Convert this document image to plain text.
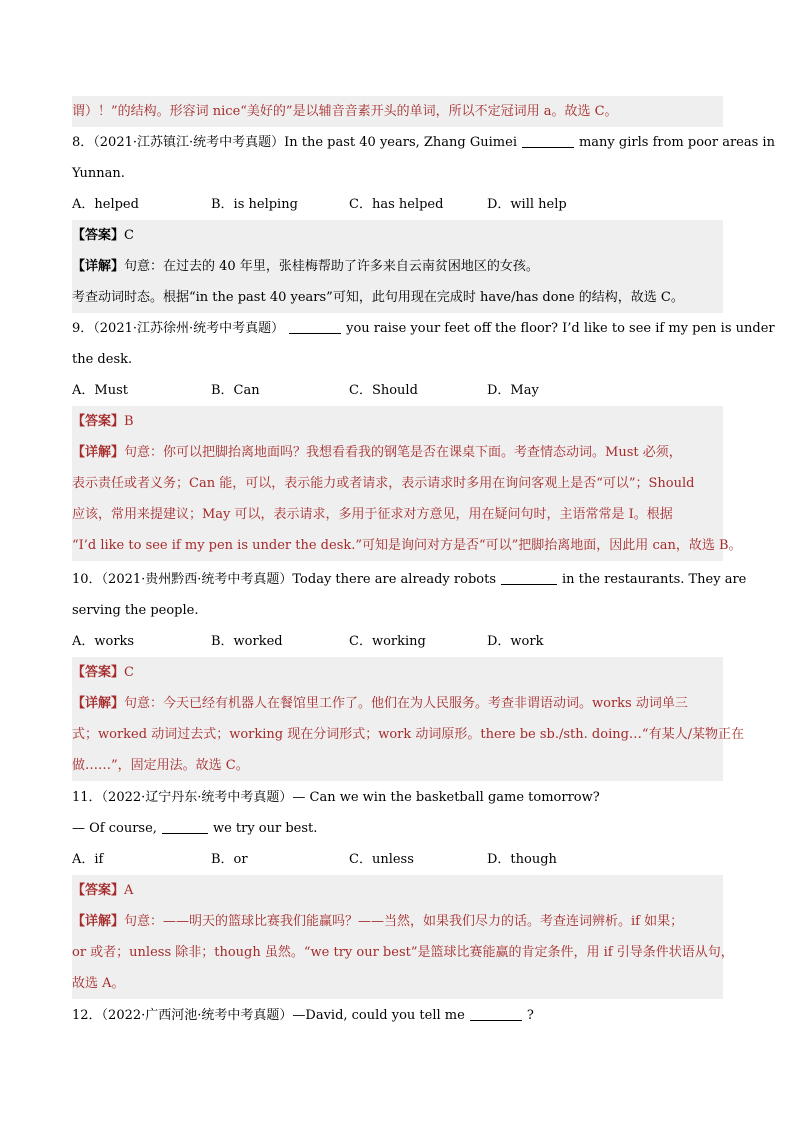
谓）！”的结构。形容词 nice“美好的”是以辅音音素开头的单词，所以不定冠词用 a。故选 C。
8．（2021·江苏镇江·统考中考真题）In the past 40 years, Zhang Guimei	many girls from poor areas in
Yunnan.
A．helped	B．is helping	C．has helped	D．will help
【答案】C
【详解】句意：在过去的 40 年里，张桂梅帮助了许多来自云南贫困地区的女孩。
考查动词时态。根据“in the past 40 years”可知，此句用现在完成时 have/has done 的结构，故选 C。
9．（2021·江苏徐州·统考中考真题）	you raise your feet off the floor? I’d like to see if my pen is under
the desk.
A．Must	B．Can	C．Should	D．May
【答案】B
【详解】句意：你可以把脚抬离地面吗？我想看看我的钢笔是否在课桌下面。考查情态动词。Must 必须，
表示责任或者义务；Can 能，可以，表示能力或者请求，表示请求时多用在询问客观上是否“可以”；Should
应该，常用来提建议；May 可以，表示请求，多用于征求对方意见，用在疑问句时，主语常常是 I。根据
“I’d like to see if my pen is under the desk.”可知是询问对方是否“可以”把脚抬离地面，因此用 can，故选 B。
10．（2021·贵州黔西·统考中考真题）Today there are already robots	in the restaurants. They are
serving the people.
A．works	B．worked	C．working	D．work
【答案】C
【详解】句意：今天已经有机器人在餐馆里工作了。他们在为人民服务。考查非谓语动词。works 动词单三
式；worked 动词过去式；working 现在分词形式；work 动词原形。there be sb./sth. doing…“有某人/某物正在
做……”，固定用法。故选 C。
11．（2022·辽宁丹东·统考中考真题）— Can we win the basketball game tomorrow?
— Of course,	we try our best.
A．if	B．or	C．unless	D．though
【答案】A
【详解】句意：——明天的篮球比赛我们能赢吗？——当然，如果我们尽力的话。考查连词辨析。if 如果；
or 或者；unless 除非；though 虽然。“we try our best”是篮球比赛能赢的肯定条件，用 if 引导条件状语从句，
故选 A。
12．（2022·广西河池·统考中考真题）—David, could you tell me	?
